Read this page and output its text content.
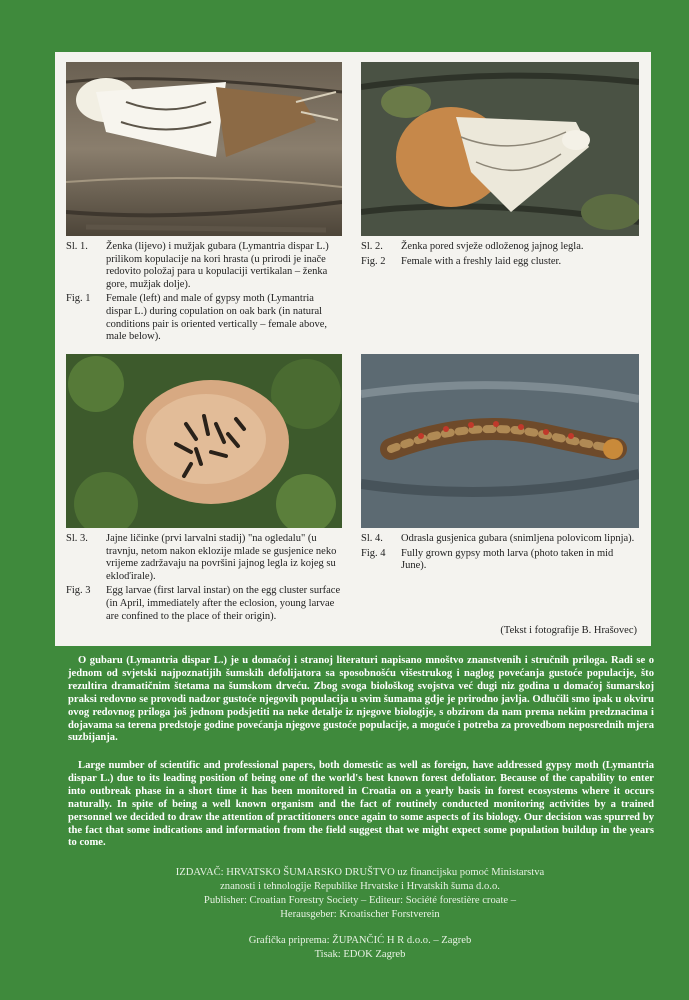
Sl. 1.	Ženka (lijevo) i mužjak gubara (Lymantria dispar L.) prilikom kopulacije na kori hrasta (u prirodi je inače redovito položaj para u kopulaciji vertikalan – ženka gore, mužjak dolje).
Fig. 1	Female (left) and male of gypsy moth (Lymantria dispar L.) during copulation on oak bark (in natural conditions pair is oriented vertically – female above, male below).
Sl. 2.	Ženka pored svježe odloženog jajnog legla.
Fig. 2	Female with a freshly laid egg cluster.
Sl. 3.	Jajne ličinke (prvi larvalni stadij) "na ogledalu" (u travnju, netom nakon eklozije mlade se gusjenice neko vrijeme zadržavaju na površini jajnog legla iz kojeg su ekloďirale).
Fig. 3	Egg larvae (first larval instar) on the egg cluster surface (in April, immediately after the eclosion, young larvae are confined to the place of their origin).
Sl. 4.	Odrasla gusjenica gubara (snimljena polovicom lipnja).
Fig. 4	Fully grown gypsy moth larva (photo taken in mid June).
(Tekst i fotografije B. Hrašovec)

O gubaru (Lymantria dispar L.) je u domaćoj i stranoj literaturi napisano mnoštvo znanstvenih i stručnih priloga. Radi se o jednom od svjetski najpoznatijih šumskih defolijatora sa sposobnošću višestrukog i naglog povećanja gustoće populacije, što rezultira dramatičnim štetama na šumskom drveću. Zbog svoga biološkog svojstva već dugi niz godina u domaćoj šumarskoj praksi redovno se provodi nadzor gustoće njegovih populacija u svim šumama gdje je prirodno javlja. Odlučili smo ipak u okviru ovog redovnog priloga još jednom podsjetiti na neke detalje iz njegove biologije, s obzirom da nam prema nekim predznacima i dojavama sa terena predstoje godine povećanja njegove gustoće populacije, a moguće i potreba za provedbom neposrednih mjera suzbijanja.

Large number of scientific and professional papers, both domestic as well as foreign, have addressed gypsy moth (Lymantria dispar L.) due to its leading position of being one of the world's best known forest defoliator. Because of the capability to enter into outbreak phase in a short time it has been monitored in Croatia on a yearly basis in forest ecosystems where it occurs naturally. In spite of being a well known organism and the fact of routinely conducted monitoring activities by a trained personnel we decided to draw the attention of practitioners once again to some aspects of its biology. Our decision was spurred by the fact that some indications and information from the field suggest that we might expect some population buildup in the years to come.

IZDAVAČ: HRVATSKO ŠUMARSKO DRUŠTVO uz financijsku pomoć Ministarstva
znanosti i tehnologije Republike Hrvatske i Hrvatskih šuma d.o.o.
Publisher: Croatian Forestry Society – Editeur: Société forestière croate –
Herausgeber: Kroatischer Forstverein
Grafička priprema: ŽUPANČIĆ H R d.o.o. – Zagreb
Tisak: EDOK Zagreb
